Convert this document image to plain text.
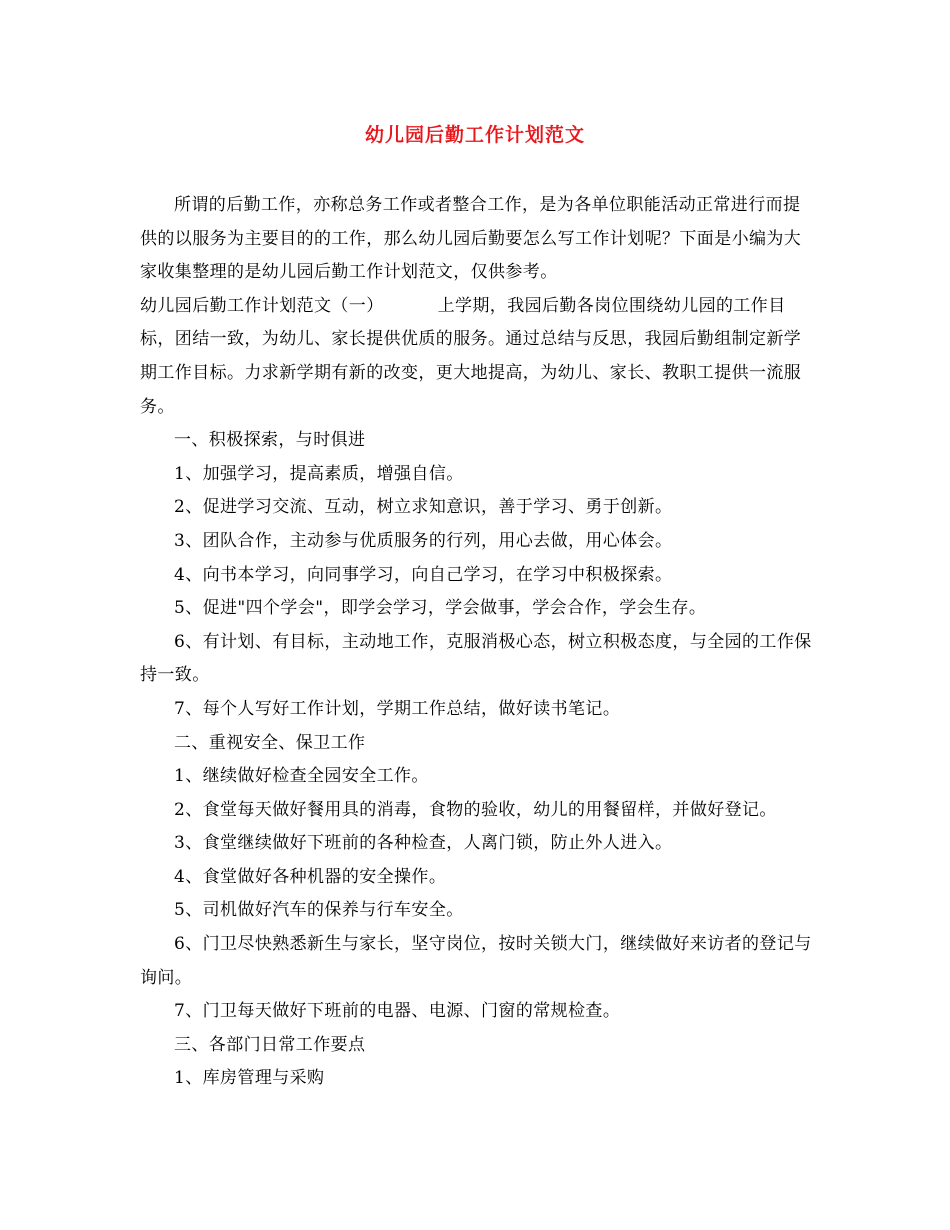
幼儿园后勤工作计划范文

所谓的后勤工作，亦称总务工作或者整合工作，是为各单位职能活动正常进行而提供的以服务为主要目的的工作，那么幼儿园后勤要怎么写工作计划呢？下面是小编为大家收集整理的是幼儿园后勤工作计划范文，仅供参考。

幼儿园后勤工作计划范文（一）	上学期，我园后勤各岗位围绕幼儿园的工作目标，团结一致，为幼儿、家长提供优质的服务。通过总结与反思，我园后勤组制定新学期工作目标。力求新学期有新的改变，更大地提高，为幼儿、家长、教职工提供一流服务。

一、积极探索，与时俱进

1、加强学习，提高素质，增强自信。

2、促进学习交流、互动，树立求知意识，善于学习、勇于创新。

3、团队合作，主动参与优质服务的行列，用心去做，用心体会。

4、向书本学习，向同事学习，向自己学习，在学习中积极探索。

5、促进"四个学会"，即学会学习，学会做事，学会合作，学会生存。

6、有计划、有目标，主动地工作，克服消极心态，树立积极态度，与全园的工作保持一致。

7、每个人写好工作计划，学期工作总结，做好读书笔记。

二、重视安全、保卫工作

1、继续做好检查全园安全工作。

2、食堂每天做好餐用具的消毒，食物的验收，幼儿的用餐留样，并做好登记。

3、食堂继续做好下班前的各种检查，人离门锁，防止外人进入。

4、食堂做好各种机器的安全操作。

5、司机做好汽车的保养与行车安全。

6、门卫尽快熟悉新生与家长，坚守岗位，按时关锁大门，继续做好来访者的登记与询问。

7、门卫每天做好下班前的电器、电源、门窗的常规检查。

三、各部门日常工作要点

1、库房管理与采购
